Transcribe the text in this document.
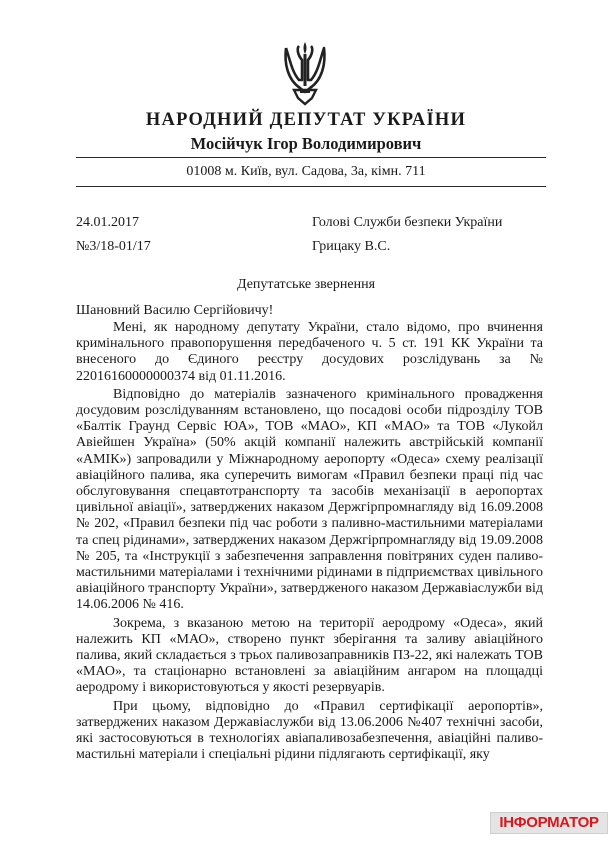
НАРОДНИЙ ДЕПУТАТ УКРАЇНИ
Мосійчук Ігор Володимирович
01008 м. Київ, вул. Садова, 3а, кімн. 711
24.01.2017
№3/18-01/17
Голові Служби безпеки України
Грицаку В.С.
Депутатське звернення
Шановний Василю Сергійовичу!

Мені, як народному депутату України, стало відомо, про вчинення кримінального правопорушення передбаченого ч. 5 ст. 191 КК України та внесеного до Єдиного реєстру досудових розслідувань за № 22016160000000374 від 01.11.2016.

Відповідно до матеріалів зазначеного кримінального провадження досудовим розслідуванням встановлено, що посадові особи підрозділу ТОВ «Балтік Граунд Сервіс ЮА», ТОВ «МАО», КП «МАО» та ТОВ «Лукойл Авіейшен Україна» (50% акцій компанії належить австрійській компанії «АМІК») запровадили у Міжнародному аеропорту «Одеса» схему реалізації авіаційного палива, яка суперечить вимогам «Правил безпеки праці під час обслуговування спецавтотранспорту та засобів механізації в аеропортах цивільної авіації», затверджених наказом Держгірпромнагляду від 16.09.2008 № 202, «Правил безпеки під час роботи з паливно-мастильними матеріалами та спец рідинами», затверджених наказом Держгірпромнагляду від 19.09.2008 № 205, та «Інструкції з забезпечення заправлення повітряних суден паливо-мастильними матеріалами і технічними рідинами в підприємствах цивільного авіаційного транспорту України», затвердженого наказом Державіаслужби від 14.06.2006 № 416.

Зокрема, з вказаною метою на території аеродрому «Одеса», який належить КП «МАО», створено пункт зберігання та заливу авіаційного палива, який складається з трьох паливозаправників ПЗ-22, які належать ТОВ «МАО», та стаціонарно встановлені за авіаційним ангаром на площадці аеродрому і використовуються у якості резервуарів.

При цьому, відповідно до «Правил сертифікації аеропортів», затверджених наказом Державіаслужби від 13.06.2006 №407 технічні засоби, які застосовуються в технологіях авіапаливозабезпечення, авіаційні паливо-мастильні матеріали і спеціальні рідини підлягають сертифікації, яку

ІНФОРМАТОР
